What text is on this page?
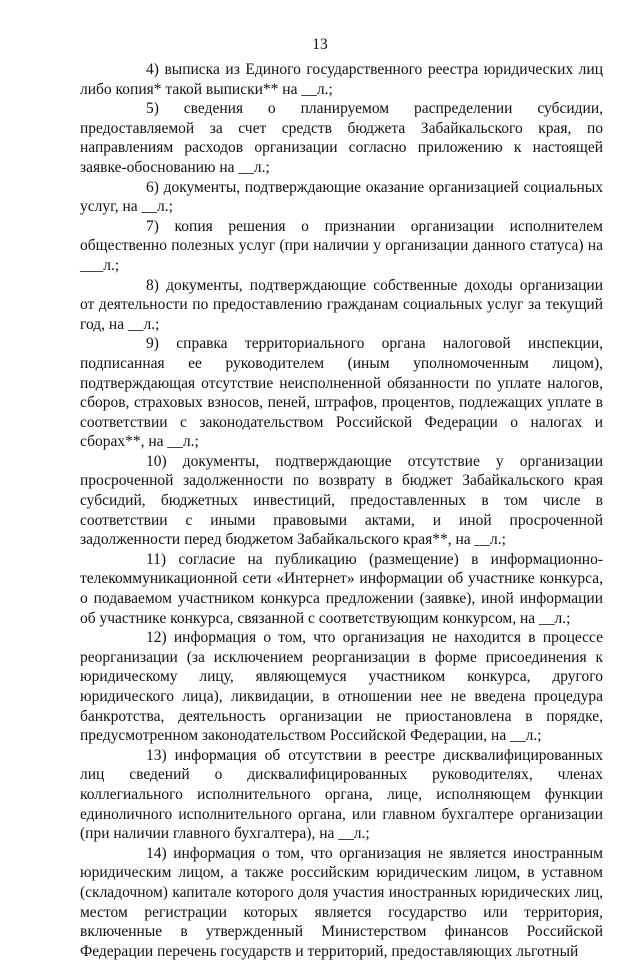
13

4) выписка из Единого государственного реестра юридических лиц либо копия* такой выписки** на __л.;

5) сведения о планируемом распределении субсидии, предоставляемой за счет средств бюджета Забайкальского края, по направлениям расходов организации согласно приложению к настоящей заявке-обоснованию на __л.;

6) документы, подтверждающие оказание организацией социальных услуг, на __л.;

7) копия решения о признании организации исполнителем общественно полезных услуг (при наличии у организации данного статуса) на ___л.;

8) документы, подтверждающие собственные доходы организации от деятельности по предоставлению гражданам социальных услуг за текущий год, на __л.;

9) справка территориального органа налоговой инспекции, подписанная ее руководителем (иным уполномоченным лицом), подтверждающая отсутствие неисполненной обязанности по уплате налогов, сборов, страховых взносов, пеней, штрафов, процентов, подлежащих уплате в соответствии с законодательством Российской Федерации о налогах и сборах**, на __л.;

10) документы, подтверждающие отсутствие у организации просроченной задолженности по возврату в бюджет Забайкальского края субсидий, бюджетных инвестиций, предоставленных в том числе в соответствии с иными правовыми актами, и иной просроченной задолженности перед бюджетом Забайкальского края**, на __л.;

11) согласие на публикацию (размещение) в информационно-телекоммуникационной сети «Интернет» информации об участнике конкурса, о подаваемом участником конкурса предложении (заявке), иной информации об участнике конкурса, связанной с соответствующим конкурсом, на __л.;

12) информация о том, что организация не находится в процессе реорганизации (за исключением реорганизации в форме присоединения к юридическому лицу, являющемуся участником конкурса, другого юридического лица), ликвидации, в отношении нее не введена процедура банкротства, деятельность организации не приостановлена в порядке, предусмотренном законодательством Российской Федерации, на __л.;

13) информация об отсутствии в реестре дисквалифицированных лиц сведений о дисквалифицированных руководителях, членах коллегиального исполнительного органа, лице, исполняющем функции единоличного исполнительного органа, или главном бухгалтере организации (при наличии главного бухгалтера), на __л.;

14) информация о том, что организация не является иностранным юридическим лицом, а также российским юридическим лицом, в уставном (складочном) капитале которого доля участия иностранных юридических лиц, местом регистрации которых является государство или территория, включенные в утвержденный Министерством финансов Российской Федерации перечень государств и территорий, предоставляющих льготный
